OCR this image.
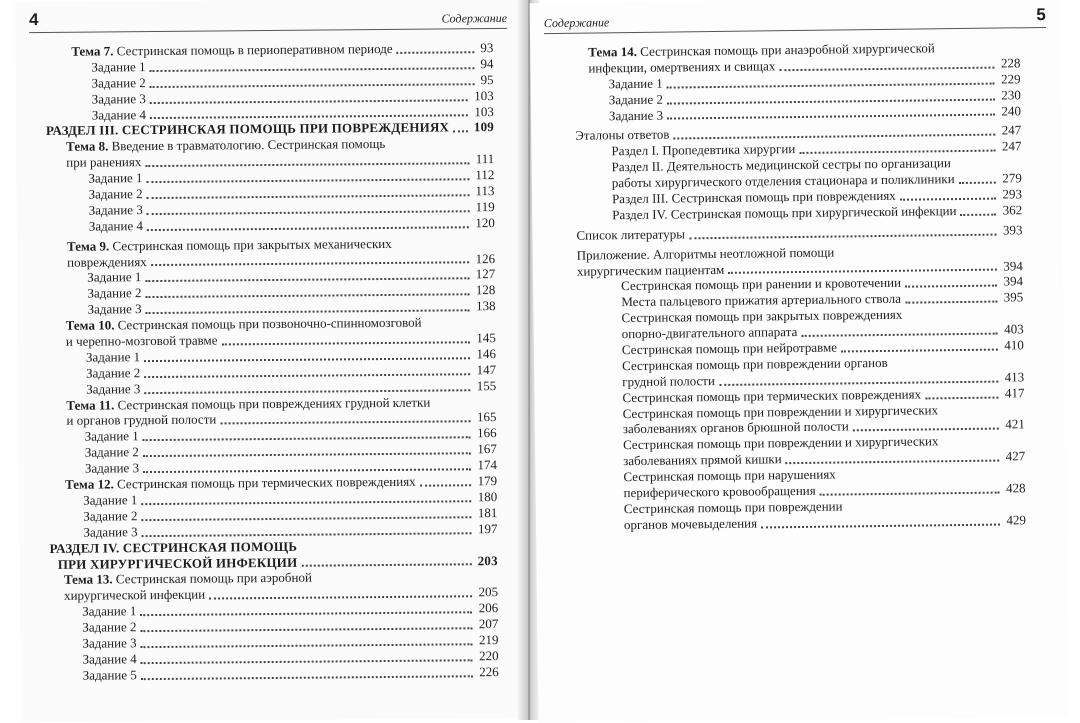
4	Содержание
Тема 7. Сестринская помощь в периоперативном периоде	93
Задание 1	94
Задание 2	95
Задание 3	103
Задание 4	103
РАЗДЕЛ III. СЕСТРИНСКАЯ ПОМОЩЬ ПРИ ПОВРЕЖДЕНИЯХ 109
Тема 8. Введение в травматологию. Сестринская помощь
при ранениях	111
Задание 1	112
Задание 2	113
Задание 3	119
Задание 4	120
Тема 9. Сестринская помощь при закрытых механических
повреждениях	126
Задание 1	127
Задание 2	128
Задание 3	138
Тема 10. Сестринская помощь при позвоночно-спинномозговой
и черепно-мозговой травме	145
Задание 1	146
Задание 2	147
Задание 3	155
Тема 11. Сестринская помощь при повреждениях грудной клетки
и органов грудной полости	165
Задание 1	166
Задание 2	167
Задание 3	174
Тема 12. Сестринская помощь при термических повреждениях	179
Задание 1	180
Задание 2	181
Задание 3	197
РАЗДЕЛ IV. СЕСТРИНСКАЯ ПОМОЩЬ
ПРИ ХИРУРГИЧЕСКОЙ ИНФЕКЦИИ	203
Тема 13. Сестринская помощь при аэробной
хирургической инфекции	205
Задание 1	206
Задание 2	207
Задание 3	219
Задание 4	220
Задание 5	226
Содержание	5
Тема 14. Сестринская помощь при анаэробной хирургической
инфекции, омертвениях и свищах	228
Задание 1	229
Задание 2	230
Задание 3	240
Эталоны ответов	247
Раздел I. Пропедевтика хирургии	247
Раздел II. Деятельность медицинской сестры по организации
работы хирургического отделения стационара и поликлиники	279
Раздел III. Сестринская помощь при повреждениях	293
Раздел IV. Сестринская помощь при хирургической инфекции	362
Список литературы	393
Приложение. Алгоритмы неотложной помощи
хирургическим пациентам	394
Сестринская помощь при ранении и кровотечении	394
Места пальцевого прижатия артериального ствола	395
Сестринская помощь при закрытых повреждениях
опорно-двигательного аппарата	403
Сестринская помощь при нейротравме	410
Сестринская помощь при повреждении органов
грудной полости	413
Сестринская помощь при термических повреждениях	417
Сестринская помощь при повреждении и хирургических
заболеваниях органов брюшной полости	421
Сестринская помощь при повреждении и хирургических
заболеваниях прямой кишки	427
Сестринская помощь при нарушениях
периферического кровообращения	428
Сестринская помощь при повреждении
органов мочевыделения	429
